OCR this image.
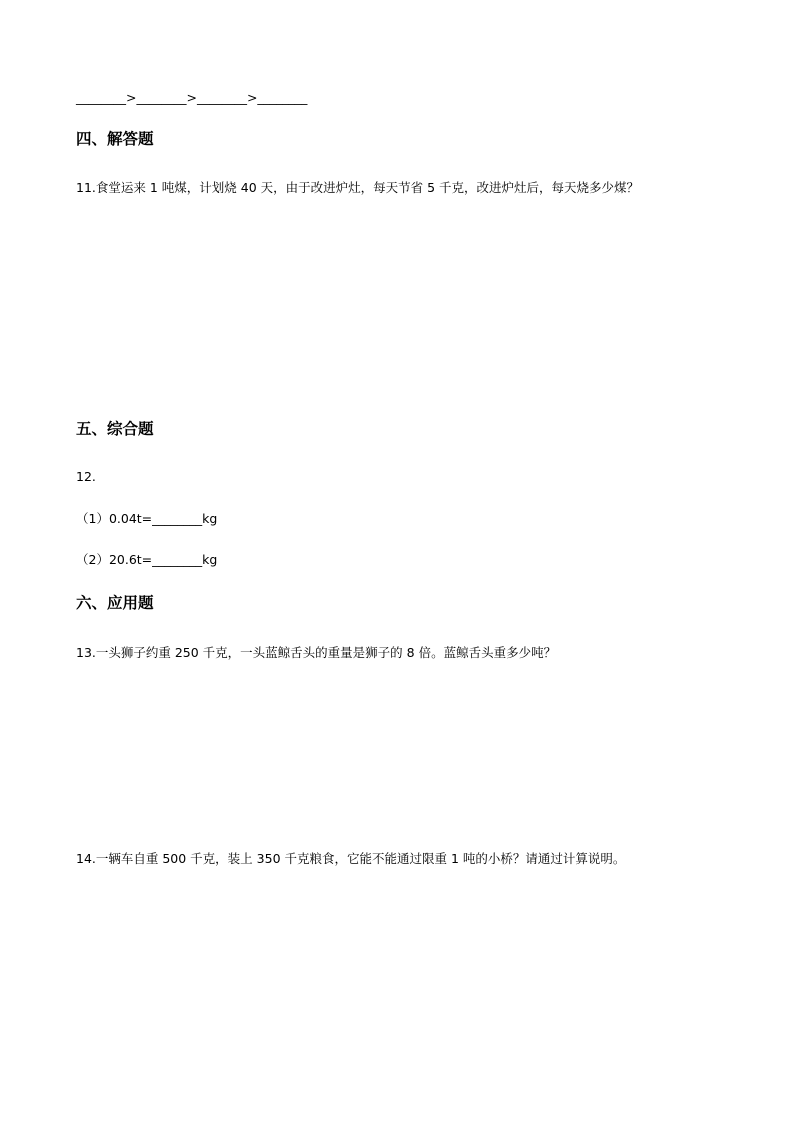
________>________>________>________
四、解答题
11.食堂运来 1 吨煤，计划烧 40 天，由于改进炉灶，每天节省 5 千克，改进炉灶后，每天烧多少煤？
五、综合题
12.
（1）0.04t=________kg
（2）20.6t=________kg
六、应用题
13.一头狮子约重 250 千克，一头蓝鲸舌头的重量是狮子的 8 倍。蓝鲸舌头重多少吨？
14.一辆车自重 500 千克，装上 350 千克粮食，它能不能通过限重 1 吨的小桥？请通过计算说明。
